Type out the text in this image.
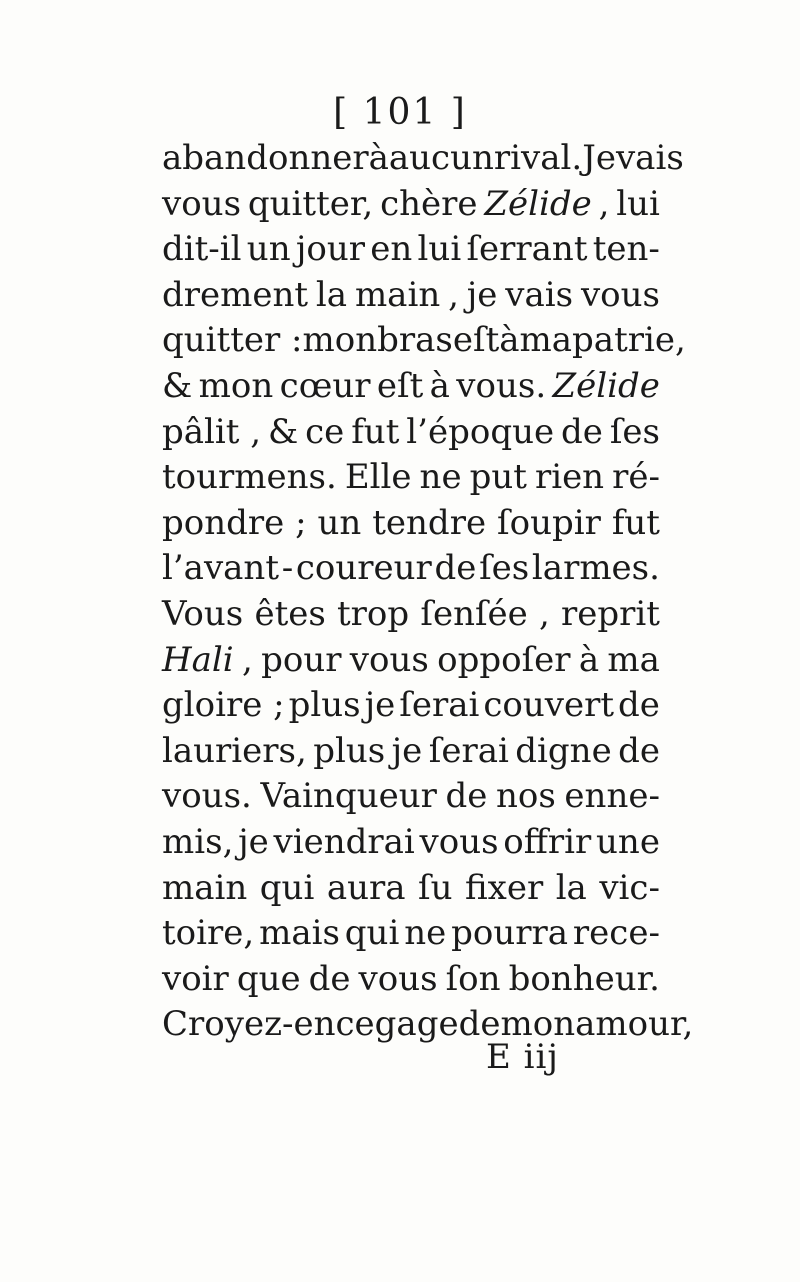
[ 101 ]
abandonner à aucun rival. Je vais
vous quitter, chère Zélide , lui
dit-il un jour en lui ſerrant ten-
drement la main , je vais vous
quitter : mon bras eſt à ma patrie,
& mon cœur eſt à vous. Zélide
pâlit , & ce fut l’époque de ſes
tourmens. Elle ne put rien ré-
pondre ; un tendre ſoupir fut
l’avant - coureur de ſes larmes.
Vous êtes trop ſenſée , reprit
Hali , pour vous oppoſer à ma
gloire ; plus je ſerai couvert de
lauriers, plus je ſerai digne de
vous. Vainqueur de nos enne-
mis, je viendrai vous offrir une
main qui aura ſu fixer la vic-
toire, mais qui ne pourra rece-
voir que de vous ſon bonheur.
Croyez-en ce gage de mon amour,
E iij
